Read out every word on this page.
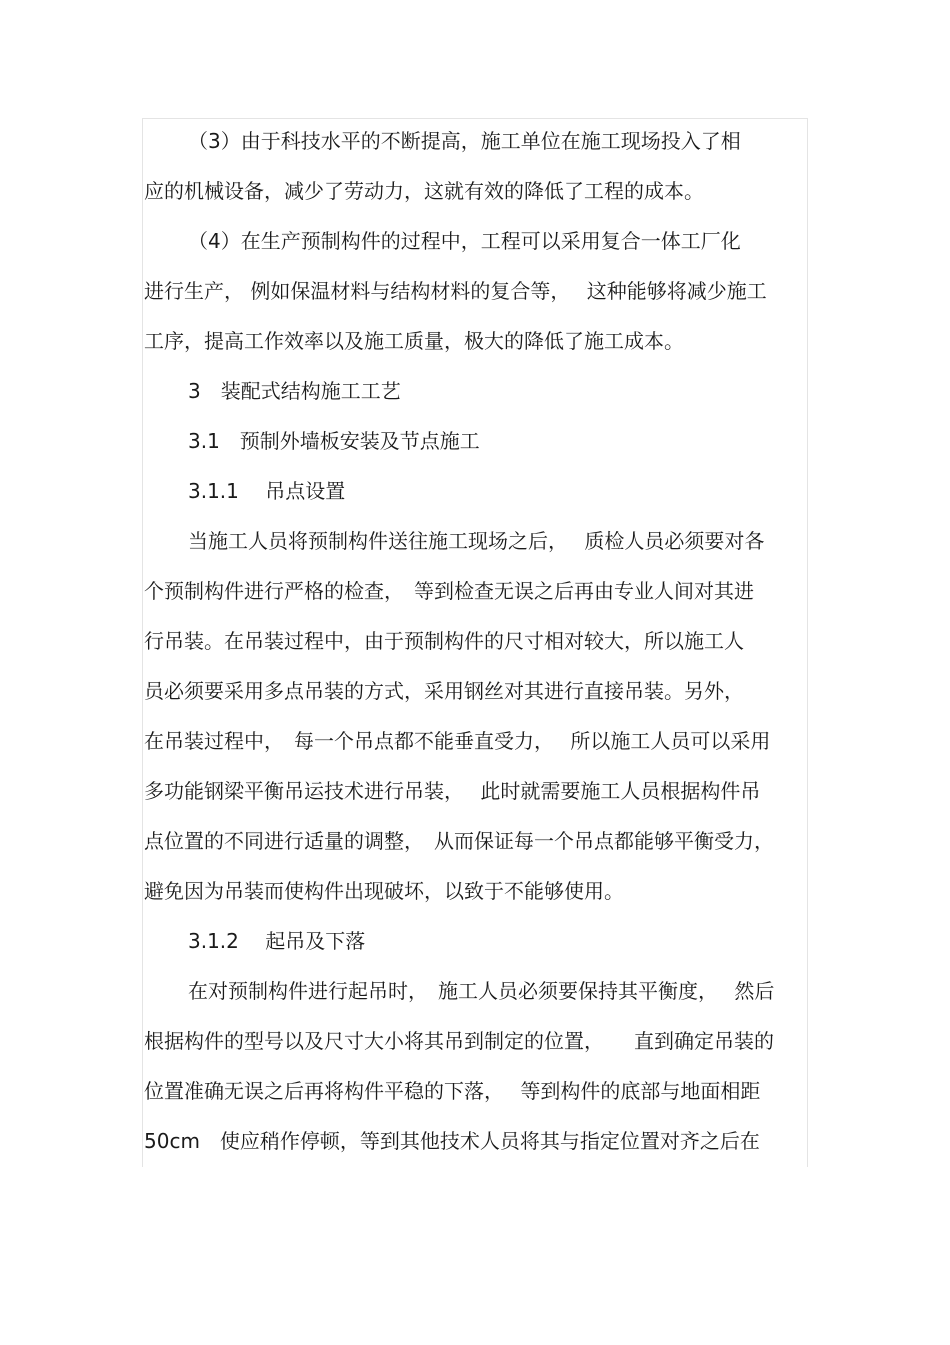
（3）由于科技水平的不断提高，施工单位在施工现场投入了相
应的机械设备，减少了劳动力，这就有效的降低了工程的成本。
（4）在生产预制构件的过程中，工程可以采用复合一体工厂化
进行生产， 例如保温材料与结构材料的复合等，　 这种能够将减少施工
工序，提高工作效率以及施工质量，极大的降低了施工成本。
3　装配式结构施工工艺
3.1　预制外墙板安装及节点施工
3.1.1　 吊点设置
当施工人员将预制构件送往施工现场之后，　 质检人员必须要对各
个预制构件进行严格的检查，　等到检查无误之后再由专业人间对其进
行吊装。在吊装过程中，由于预制构件的尺寸相对较大，所以施工人
员必须要采用多点吊装的方式，采用钢丝对其进行直接吊装。另外，
在吊装过程中，　每一个吊点都不能垂直受力，　 所以施工人员可以采用
多功能钢梁平衡吊运技术进行吊装，　 此时就需要施工人员根据构件吊
点位置的不同进行适量的调整，　从而保证每一个吊点都能够平衡受力，
避免因为吊装而使构件出现破坏，以致于不能够使用。
3.1.2　 起吊及下落
在对预制构件进行起吊时，　施工人员必须要保持其平衡度，　 然后
根据构件的型号以及尺寸大小将其吊到制定的位置，　　直到确定吊装的
位置准确无误之后再将构件平稳的下落，　 等到构件的底部与地面相距
50cm　使应稍作停顿，等到其他技术人员将其与指定位置对齐之后在
